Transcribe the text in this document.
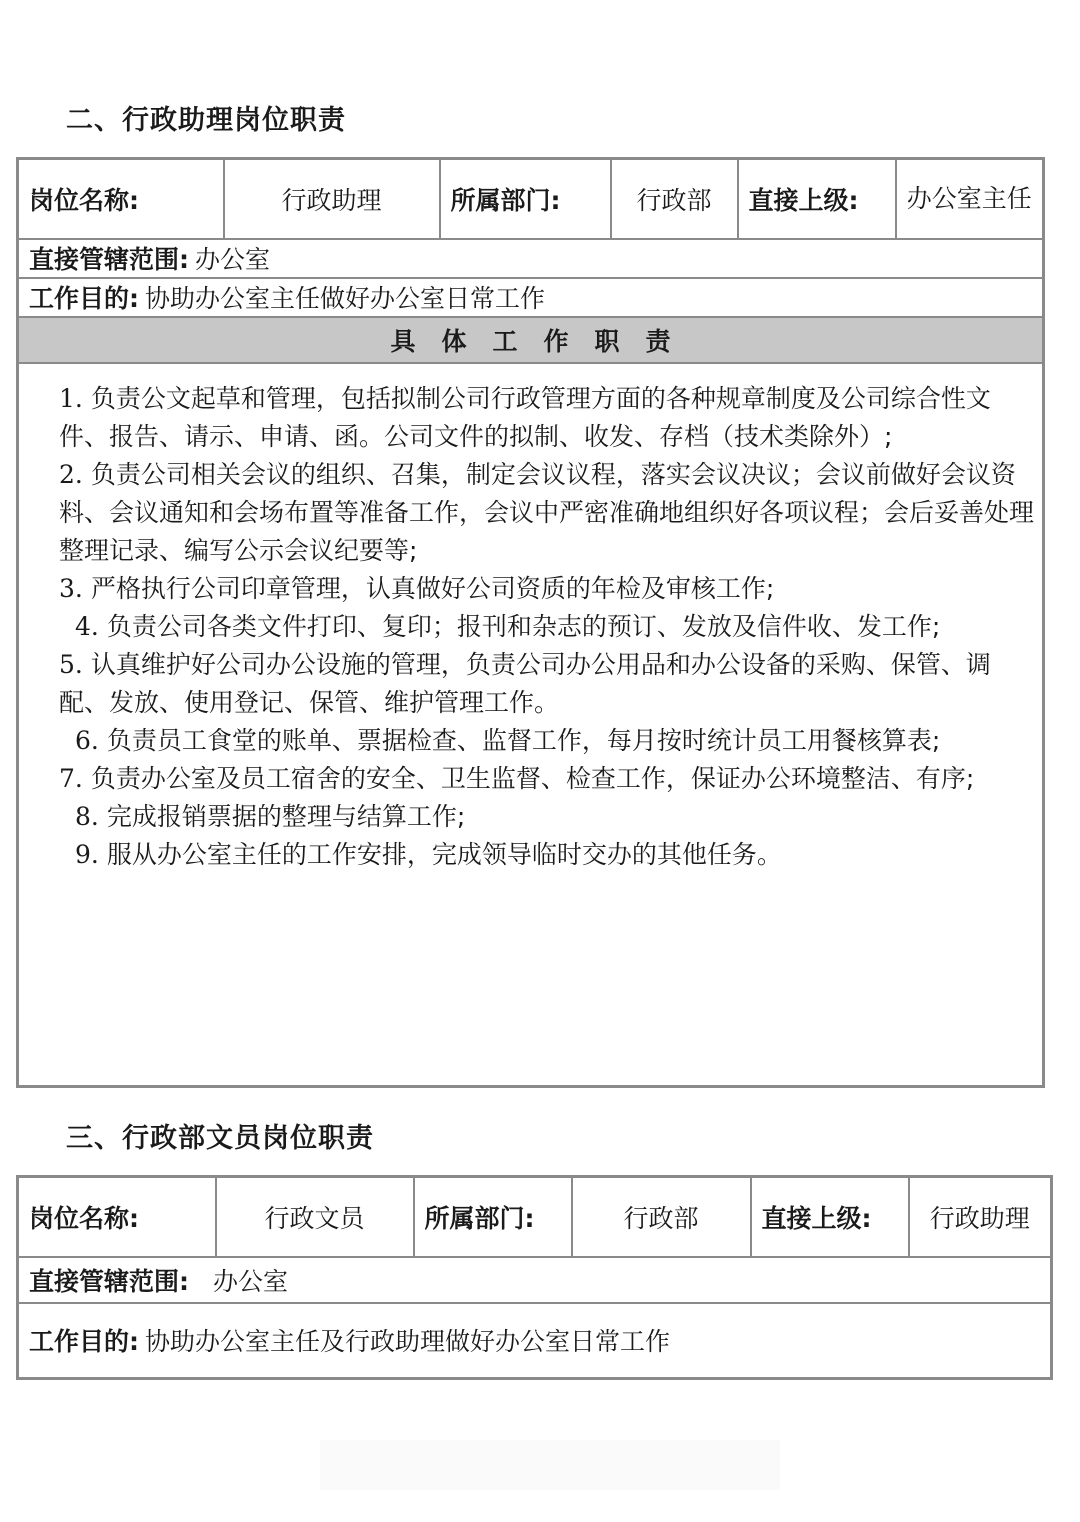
二、行政助理岗位职责
岗位名称:	行政助理	所属部门:	行政部	直接上级:	办公室主任
直接管辖范围: 办公室
工作目的: 协助办公室主任做好办公室日常工作
具体工作职责

1. 负责公文起草和管理，包括拟制公司行政管理方面的各种规章制度及公司综合性文件、报告、请示、申请、函。公司文件的拟制、收发、存档（技术类除外）;

2. 负责公司相关会议的组织、召集，制定会议议程，落实会议决议；会议前做好会议资料、会议通知和会场布置等准备工作，会议中严密准确地组织好各项议程；会后妥善处理整理记录、编写公示会议纪要等;

3. 严格执行公司印章管理，认真做好公司资质的年检及审核工作;

4. 负责公司各类文件打印、复印；报刊和杂志的预订、发放及信件收、发工作;

5. 认真维护好公司办公设施的管理，负责公司办公用品和办公设备的采购、保管、调配、发放、使用登记、保管、维护管理工作。

6. 负责员工食堂的账单、票据检查、监督工作，每月按时统计员工用餐核算表;

7. 负责办公室及员工宿舍的安全、卫生监督、检查工作，保证办公环境整洁、有序;

8. 完成报销票据的整理与结算工作;

9. 服从办公室主任的工作安排，完成领导临时交办的其他任务。

三、行政部文员岗位职责
岗位名称:	行政文员	所属部门:	行政部	直接上级:	行政助理
直接管辖范围: 办公室
工作目的: 协助办公室主任及行政助理做好办公室日常工作
